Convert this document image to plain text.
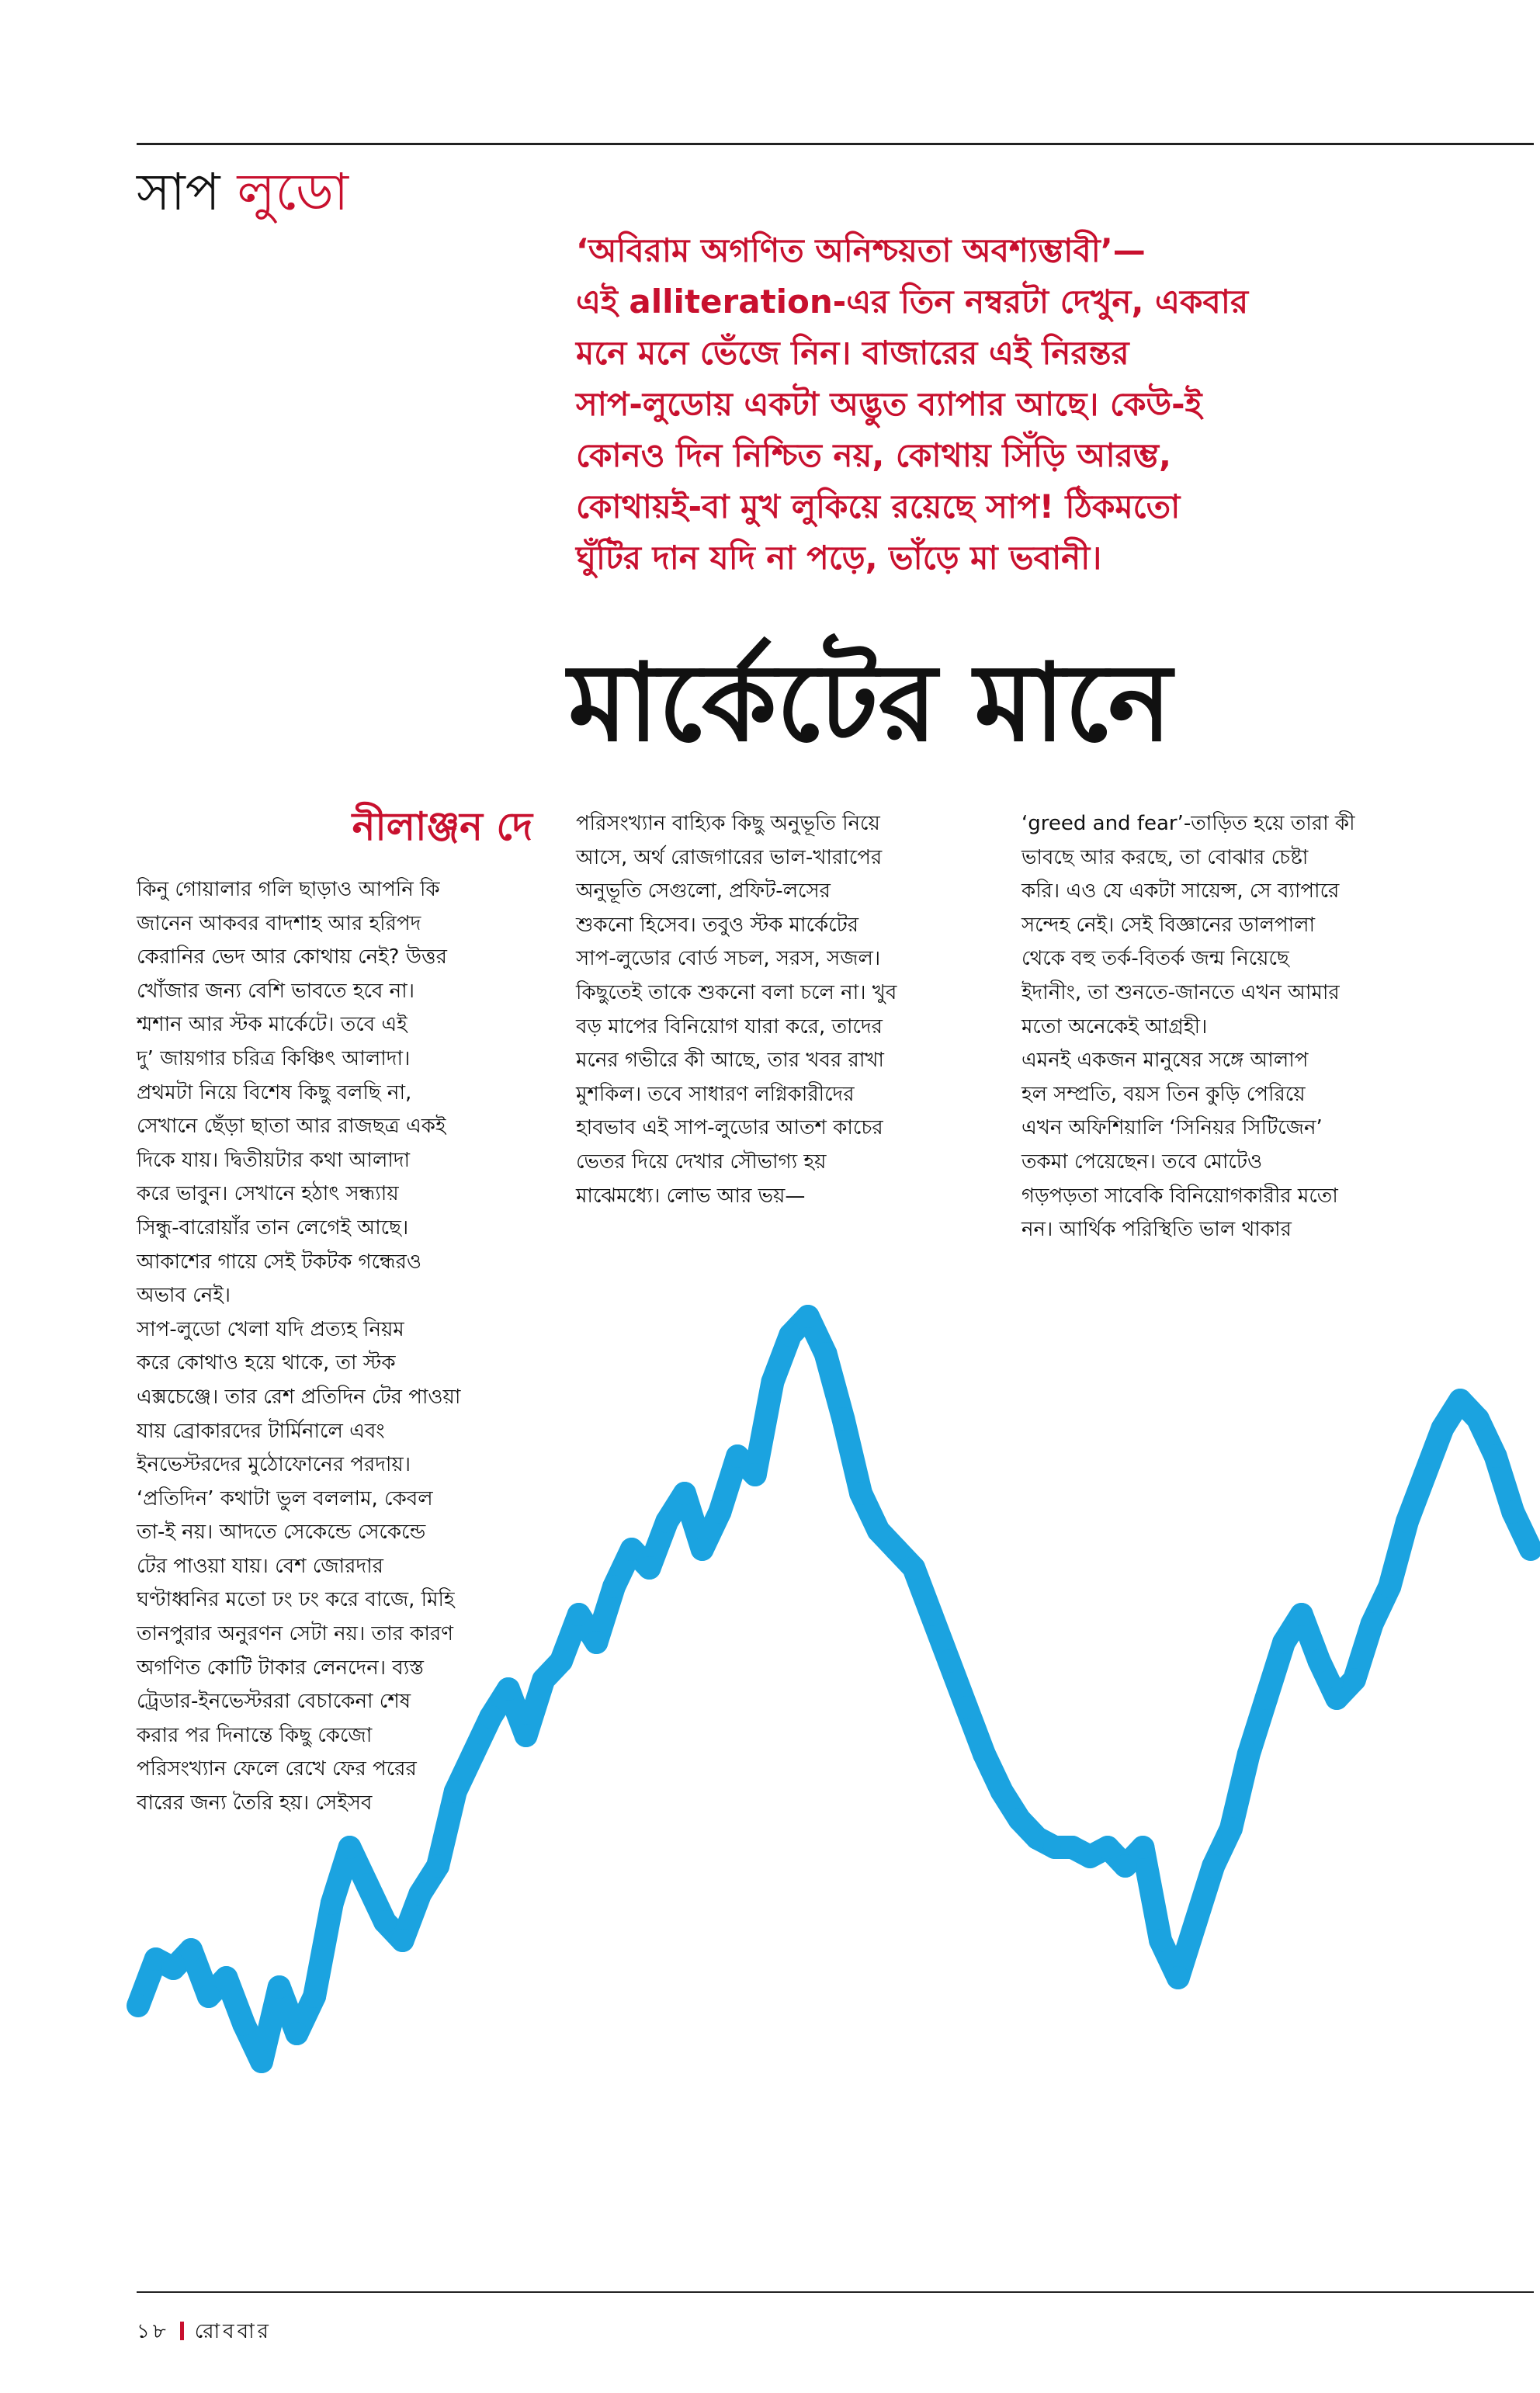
সাপ লুডো
‘অবিরাম অগণিত অনিশ্চয়তা অবশ্যম্ভাবী’—
এই alliteration-এর তিন নম্বরটা দেখুন, একবার
মনে মনে ভেঁজে নিন। বাজারের এই নিরন্তর
সাপ-লুডোয় একটা অদ্ভুত ব্যাপার আছে। কেউ-ই
কোনও দিন নিশ্চিত নয়, কোথায় সিঁড়ি আরম্ভ,
কোথায়ই-বা মুখ লুকিয়ে রয়েছে সাপ! ঠিকমতো
ঘুঁটির দান যদি না পড়ে, ভাঁড়ে মা ভবানী।
মার্কেটের মানে
নীলাঞ্জন দে
কিনু গোয়ালার গলি ছাড়াও আপনি কি
জানেন আকবর বাদশাহ আর হরিপদ
কেরানির ভেদ আর কোথায় নেই? উত্তর
খোঁজার জন্য বেশি ভাবতে হবে না।
শ্মশান আর স্টক মার্কেটে। তবে এই
দু’ জায়গার চরিত্র কিঞ্চিৎ আলাদা।
প্রথমটা নিয়ে বিশেষ কিছু বলছি না,
সেখানে ছেঁড়া ছাতা আর রাজছত্র একই
দিকে যায়। দ্বিতীয়টার কথা আলাদা
করে ভাবুন। সেখানে হঠাৎ সন্ধ্যায়
সিন্ধু-বারোয়াঁর তান লেগেই আছে।
আকাশের গায়ে সেই টকটক গন্ধেরও
অভাব নেই।
সাপ-লুডো খেলা যদি প্রত্যহ নিয়ম
করে কোথাও হয়ে থাকে, তা স্টক
এক্সচেঞ্জে। তার রেশ প্রতিদিন টের পাওয়া
যায় ব্রোকারদের টার্মিনালে এবং
ইনভেস্টরদের মুঠোফোনের পরদায়।
‘প্রতিদিন’ কথাটা ভুল বললাম, কেবল
তা-ই নয়। আদতে সেকেন্ডে সেকেন্ডে
টের পাওয়া যায়। বেশ জোরদার
ঘণ্টাধ্বনির মতো ঢং ঢং করে বাজে, মিহি
তানপুরার অনুরণন সেটা নয়। তার কারণ
অগণিত কোটি টাকার লেনদেন। ব্যস্ত
ট্রেডার-ইনভেস্টররা বেচাকেনা শেষ
করার পর দিনান্তে কিছু কেজো
পরিসংখ্যান ফেলে রেখে ফের পরের
বারের জন্য তৈরি হয়। সেইসব
পরিসংখ্যান বাহ্যিক কিছু অনুভূতি নিয়ে
আসে, অর্থ রোজগারের ভাল-খারাপের
অনুভূতি সেগুলো, প্রফিট-লসের
শুকনো হিসেব। তবুও স্টক মার্কেটের
সাপ-লুডোর বোর্ড সচল, সরস, সজল।
কিছুতেই তাকে শুকনো বলা চলে না। খুব
বড় মাপের বিনিয়োগ যারা করে, তাদের
মনের গভীরে কী আছে, তার খবর রাখা
মুশকিল। তবে সাধারণ লগ্নিকারীদের
হাবভাব এই সাপ-লুডোর আতশ কাচের
ভেতর দিয়ে দেখার সৌভাগ্য হয়
মাঝেমধ্যে। লোভ আর ভয়—
‘greed and fear’-তাড়িত হয়ে তারা কী
ভাবছে আর করছে, তা বোঝার চেষ্টা
করি। এও যে একটা সায়েন্স, সে ব্যাপারে
সন্দেহ নেই। সেই বিজ্ঞানের ডালপালা
থেকে বহু তর্ক-বিতর্ক জন্ম নিয়েছে
ইদানীং, তা শুনতে-জানতে এখন আমার
মতো অনেকেই আগ্রহী।
এমনই একজন মানুষের সঙ্গে আলাপ
হল সম্প্রতি, বয়স তিন কুড়ি পেরিয়ে
এখন অফিশিয়ালি ‘সিনিয়র সিটিজেন’
তকমা পেয়েছেন। তবে মোটেও
গড়পড়তা সাবেকি বিনিয়োগকারীর মতো
নন। আর্থিক পরিস্থিতি ভাল থাকার
১৮ রোববার
